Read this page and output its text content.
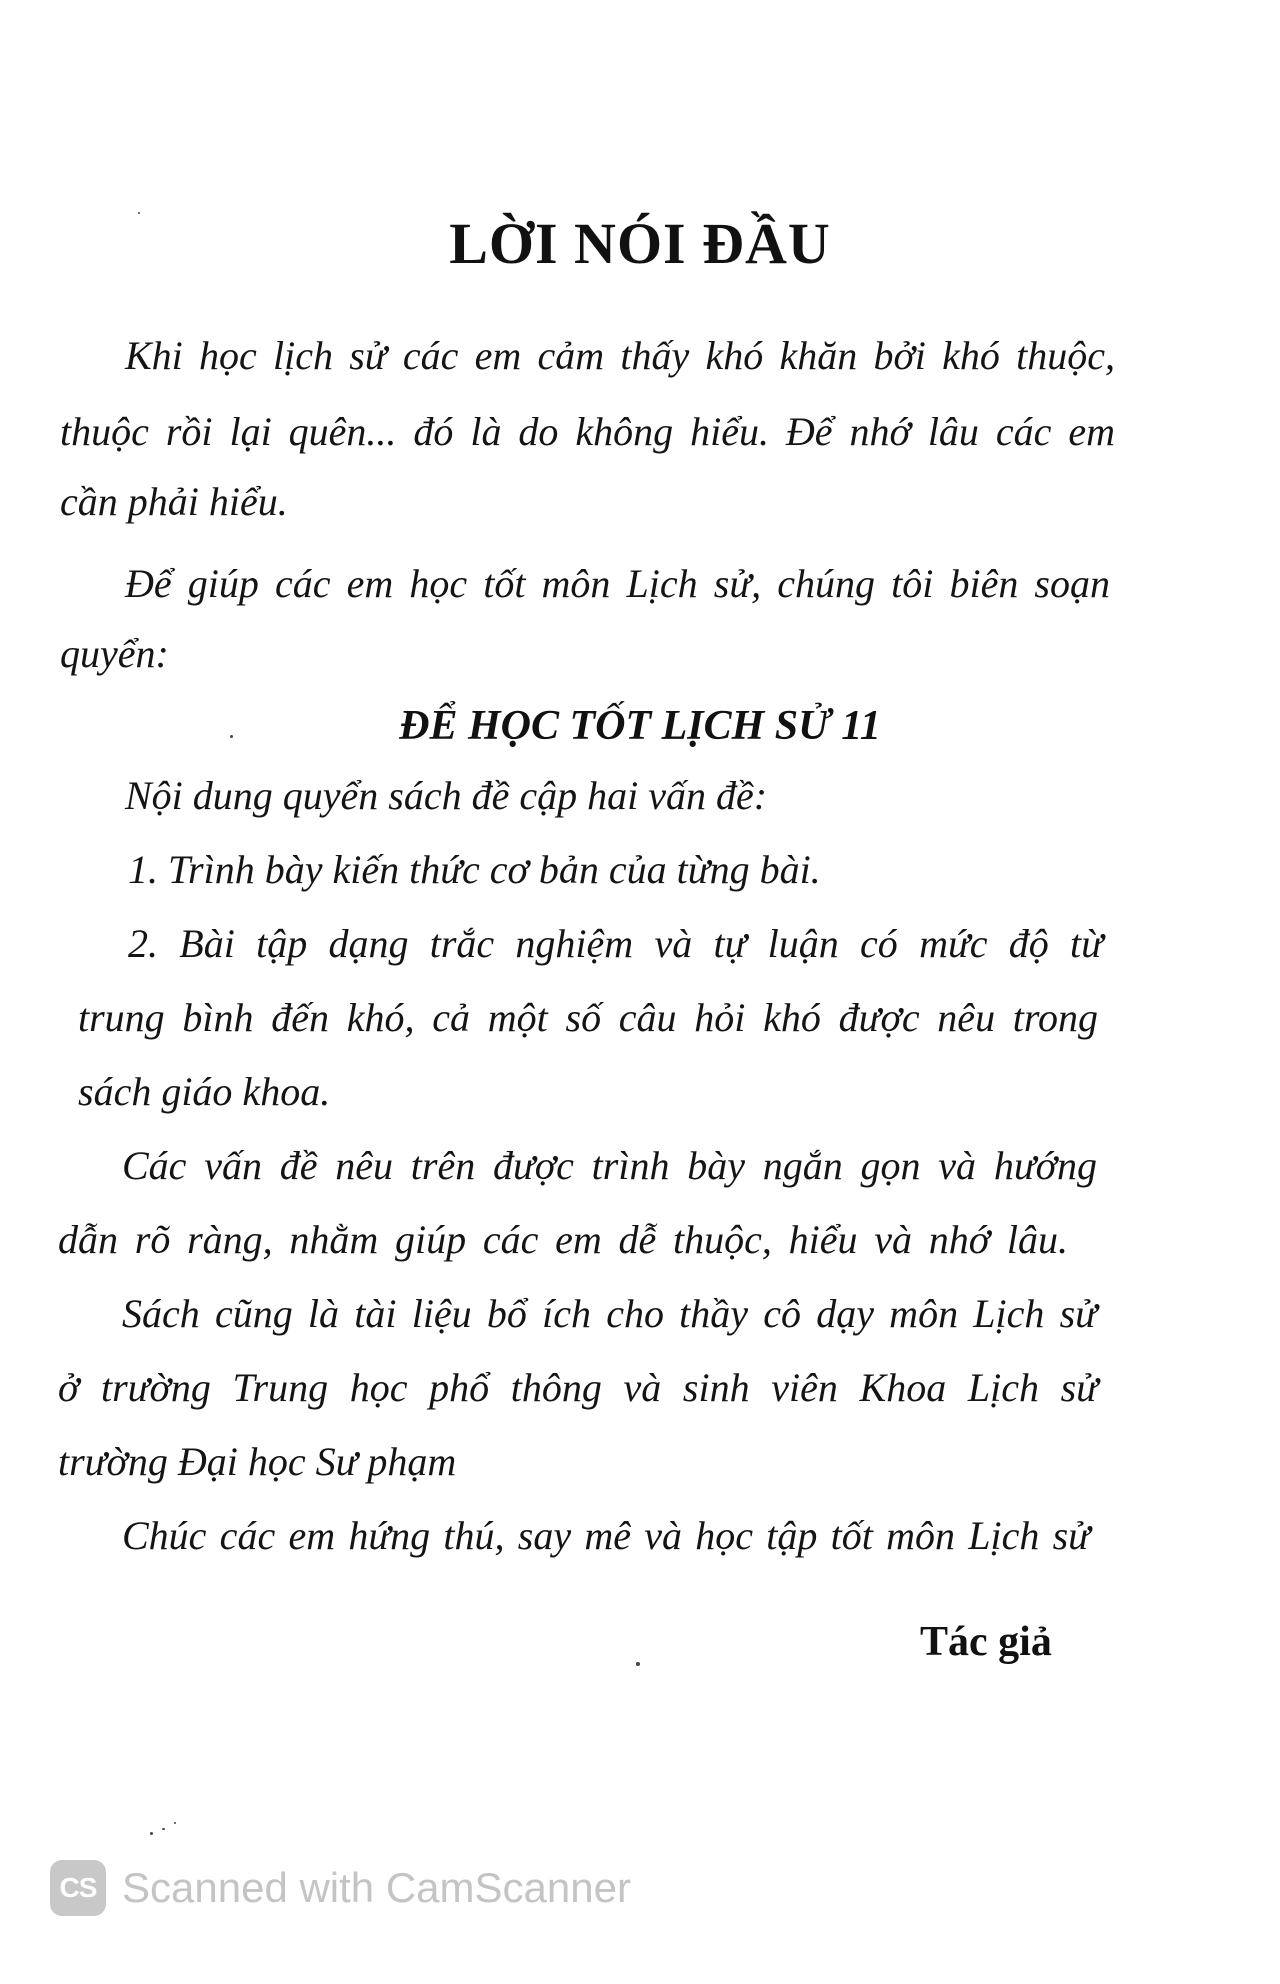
LỜI NÓI ĐẦU
Khi học lịch sử các em cảm thấy khó khăn bởi khó thuộc,
thuộc rồi lại quên... đó là do không hiểu. Để nhớ lâu các em
cần phải hiểu.
Để giúp các em học tốt môn Lịch sử, chúng tôi biên soạn
quyển:
ĐỂ HỌC TỐT LỊCH SỬ 11
Nội dung quyển sách đề cập hai vấn đề:
1. Trình bày kiến thức cơ bản của từng bài.
2. Bài tập dạng trắc nghiệm và tự luận có mức độ từ
trung bình đến khó, cả một số câu hỏi khó được nêu trong
sách giáo khoa.
Các vấn đề nêu trên được trình bày ngắn gọn và hướng
dẫn rõ ràng, nhằm giúp các em dễ thuộc, hiểu và nhớ lâu.
Sách cũng là tài liệu bổ ích cho thầy cô dạy môn Lịch sử
ở trường Trung học phổ thông và sinh viên Khoa Lịch sử
trường Đại học Sư phạm
Chúc các em hứng thú, say mê và học tập tốt môn Lịch sử
Tác giả
CS Scanned with CamScanner
